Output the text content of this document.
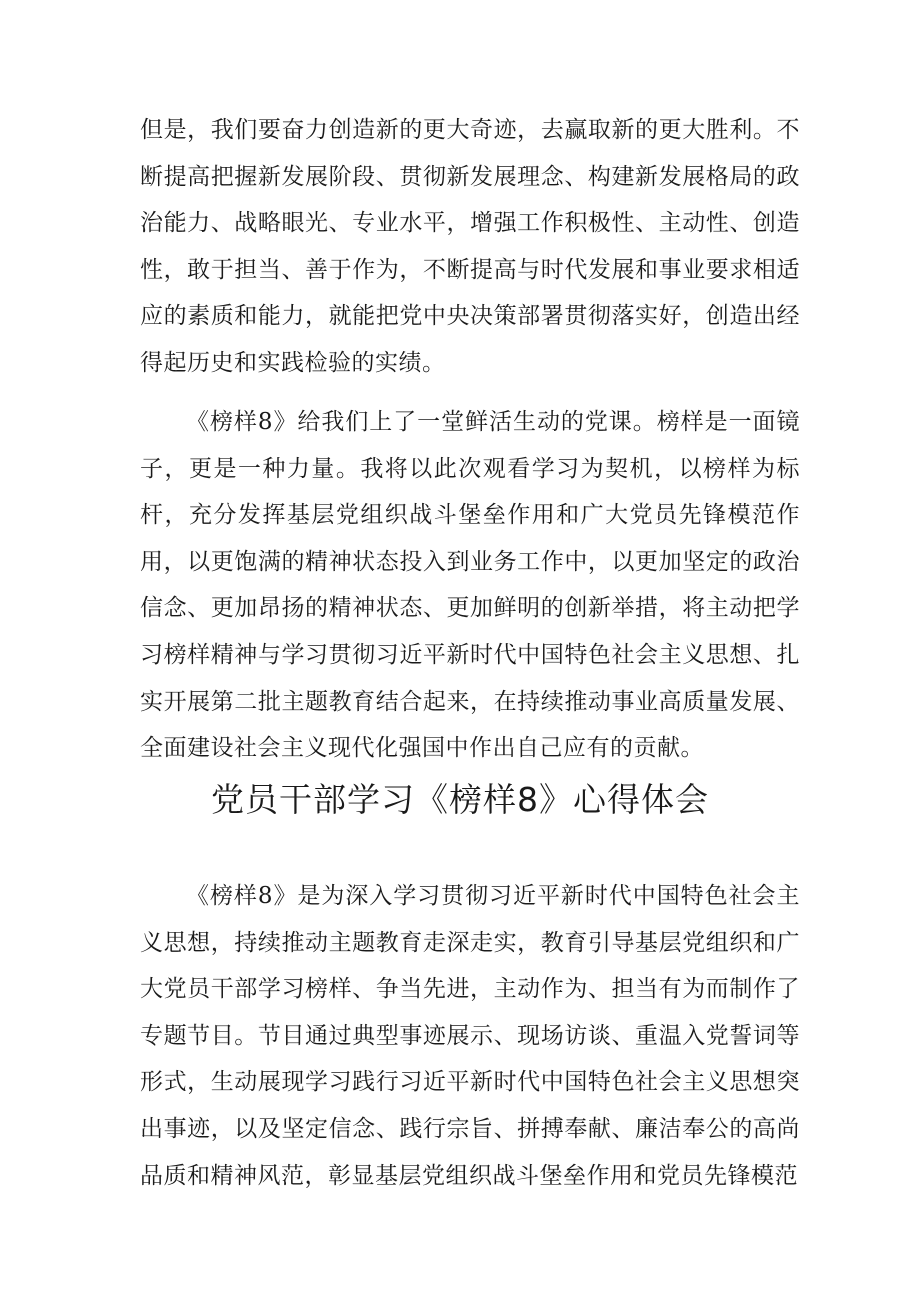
但是，我们要奋力创造新的更大奇迹，去赢取新的更大胜利。不断提高把握新发展阶段、贯彻新发展理念、构建新发展格局的政治能力、战略眼光、专业水平，增强工作积极性、主动性、创造性，敢于担当、善于作为，不断提高与时代发展和事业要求相适应的素质和能力，就能把党中央决策部署贯彻落实好，创造出经得起历史和实践检验的实绩。

《榜样8》给我们上了一堂鲜活生动的党课。榜样是一面镜子，更是一种力量。我将以此次观看学习为契机，以榜样为标杆，充分发挥基层党组织战斗堡垒作用和广大党员先锋模范作用，以更饱满的精神状态投入到业务工作中，以更加坚定的政治信念、更加昂扬的精神状态、更加鲜明的创新举措，将主动把学习榜样精神与学习贯彻习近平新时代中国特色社会主义思想、扎实开展第二批主题教育结合起来，在持续推动事业高质量发展、全面建设社会主义现代化强国中作出自己应有的贡献。

党员干部学习《榜样8》心得体会

《榜样8》是为深入学习贯彻习近平新时代中国特色社会主义思想，持续推动主题教育走深走实，教育引导基层党组织和广大党员干部学习榜样、争当先进，主动作为、担当有为而制作了专题节目。节目通过典型事迹展示、现场访谈、重温入党誓词等形式，生动展现学习践行习近平新时代中国特色社会主义思想突出事迹，以及坚定信念、践行宗旨、拼搏奉献、廉洁奉公的高尚品质和精神风范，彰显基层党组织战斗堡垒作用和党员先锋模范
